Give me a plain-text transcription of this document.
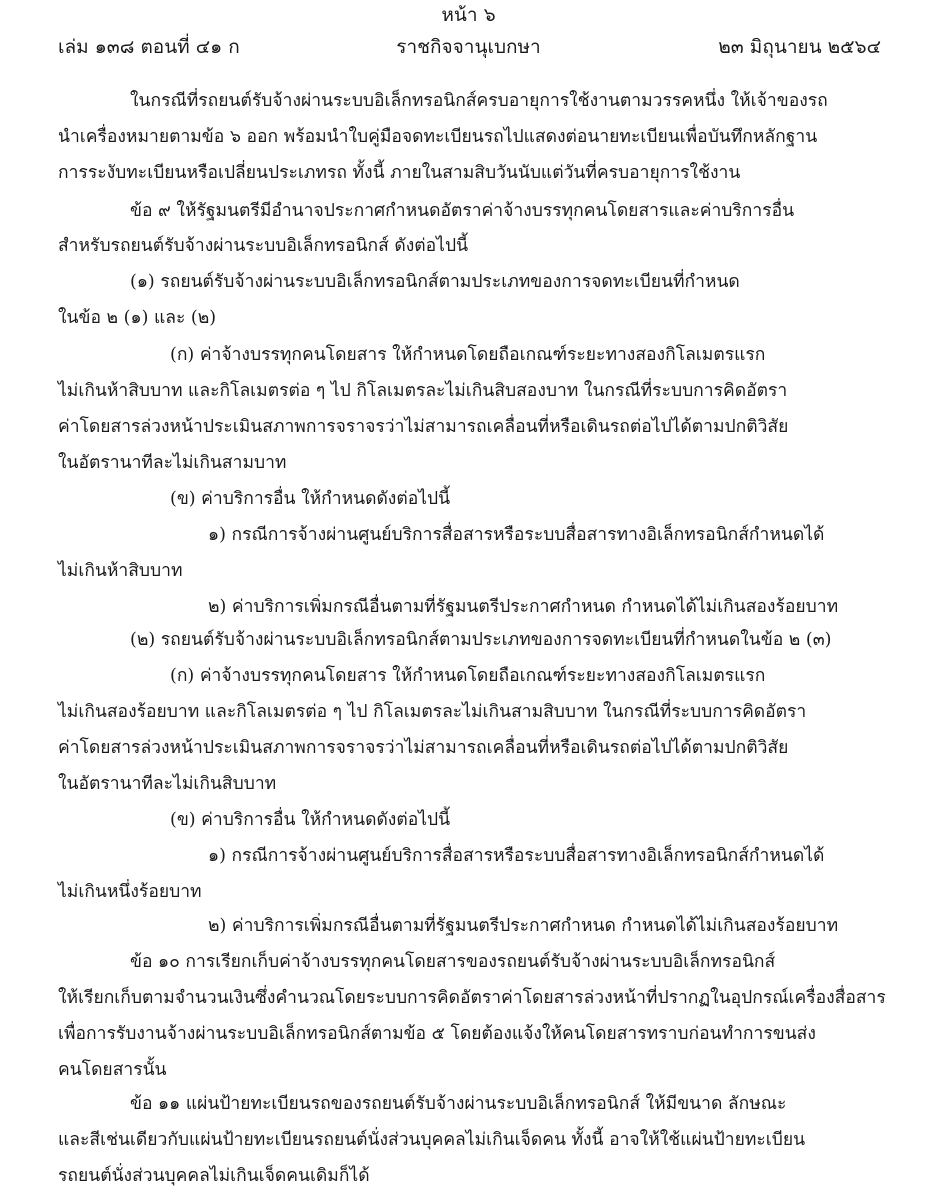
หน้า ๖
เล่ม ๑๓๘ ตอนที่ ๔๑ ก	ราชกิจจานุเบกษา	๒๓ มิถุนายน ๒๕๖๔
ในกรณีที่รถยนต์รับจ้างผ่านระบบอิเล็กทรอนิกส์ครบอายุการใช้งานตามวรรคหนึ่ง ให้เจ้าของรถ
นำเครื่องหมายตามข้อ ๖ ออก พร้อมนำใบคู่มือจดทะเบียนรถไปแสดงต่อนายทะเบียนเพื่อบันทึกหลักฐาน
การระงับทะเบียนหรือเปลี่ยนประเภทรถ ทั้งนี้ ภายในสามสิบวันนับแต่วันที่ครบอายุการใช้งาน
ข้อ ๙ ให้รัฐมนตรีมีอำนาจประกาศกำหนดอัตราค่าจ้างบรรทุกคนโดยสารและค่าบริการอื่น
สำหรับรถยนต์รับจ้างผ่านระบบอิเล็กทรอนิกส์ ดังต่อไปนี้
(๑) รถยนต์รับจ้างผ่านระบบอิเล็กทรอนิกส์ตามประเภทของการจดทะเบียนที่กำหนด
ในข้อ ๒ (๑) และ (๒)
(ก) ค่าจ้างบรรทุกคนโดยสาร ให้กำหนดโดยถือเกณฑ์ระยะทางสองกิโลเมตรแรก
ไม่เกินห้าสิบบาท และกิโลเมตรต่อ ๆ ไป กิโลเมตรละไม่เกินสิบสองบาท ในกรณีที่ระบบการคิดอัตรา
ค่าโดยสารล่วงหน้าประเมินสภาพการจราจรว่าไม่สามารถเคลื่อนที่หรือเดินรถต่อไปได้ตามปกติวิสัย
ในอัตรานาทีละไม่เกินสามบาท
(ข) ค่าบริการอื่น ให้กำหนดดังต่อไปนี้
๑) กรณีการจ้างผ่านศูนย์บริการสื่อสารหรือระบบสื่อสารทางอิเล็กทรอนิกส์กำหนดได้
ไม่เกินห้าสิบบาท
๒) ค่าบริการเพิ่มกรณีอื่นตามที่รัฐมนตรีประกาศกำหนด กำหนดได้ไม่เกินสองร้อยบาท
(๒) รถยนต์รับจ้างผ่านระบบอิเล็กทรอนิกส์ตามประเภทของการจดทะเบียนที่กำหนดในข้อ ๒ (๓)
(ก) ค่าจ้างบรรทุกคนโดยสาร ให้กำหนดโดยถือเกณฑ์ระยะทางสองกิโลเมตรแรก
ไม่เกินสองร้อยบาท และกิโลเมตรต่อ ๆ ไป กิโลเมตรละไม่เกินสามสิบบาท ในกรณีที่ระบบการคิดอัตรา
ค่าโดยสารล่วงหน้าประเมินสภาพการจราจรว่าไม่สามารถเคลื่อนที่หรือเดินรถต่อไปได้ตามปกติวิสัย
ในอัตรานาทีละไม่เกินสิบบาท
(ข) ค่าบริการอื่น ให้กำหนดดังต่อไปนี้
๑) กรณีการจ้างผ่านศูนย์บริการสื่อสารหรือระบบสื่อสารทางอิเล็กทรอนิกส์กำหนดได้
ไม่เกินหนึ่งร้อยบาท
๒) ค่าบริการเพิ่มกรณีอื่นตามที่รัฐมนตรีประกาศกำหนด กำหนดได้ไม่เกินสองร้อยบาท
ข้อ ๑๐ การเรียกเก็บค่าจ้างบรรทุกคนโดยสารของรถยนต์รับจ้างผ่านระบบอิเล็กทรอนิกส์
ให้เรียกเก็บตามจำนวนเงินซึ่งคำนวณโดยระบบการคิดอัตราค่าโดยสารล่วงหน้าที่ปรากฏในอุปกรณ์เครื่องสื่อสาร
เพื่อการรับงานจ้างผ่านระบบอิเล็กทรอนิกส์ตามข้อ ๕ โดยต้องแจ้งให้คนโดยสารทราบก่อนทำการขนส่ง
คนโดยสารนั้น
ข้อ ๑๑ แผ่นป้ายทะเบียนรถของรถยนต์รับจ้างผ่านระบบอิเล็กทรอนิกส์ ให้มีขนาด ลักษณะ
และสีเช่นเดียวกับแผ่นป้ายทะเบียนรถยนต์นั่งส่วนบุคคลไม่เกินเจ็ดคน ทั้งนี้ อาจให้ใช้แผ่นป้ายทะเบียน
รถยนต์นั่งส่วนบุคคลไม่เกินเจ็ดคนเดิมก็ได้
